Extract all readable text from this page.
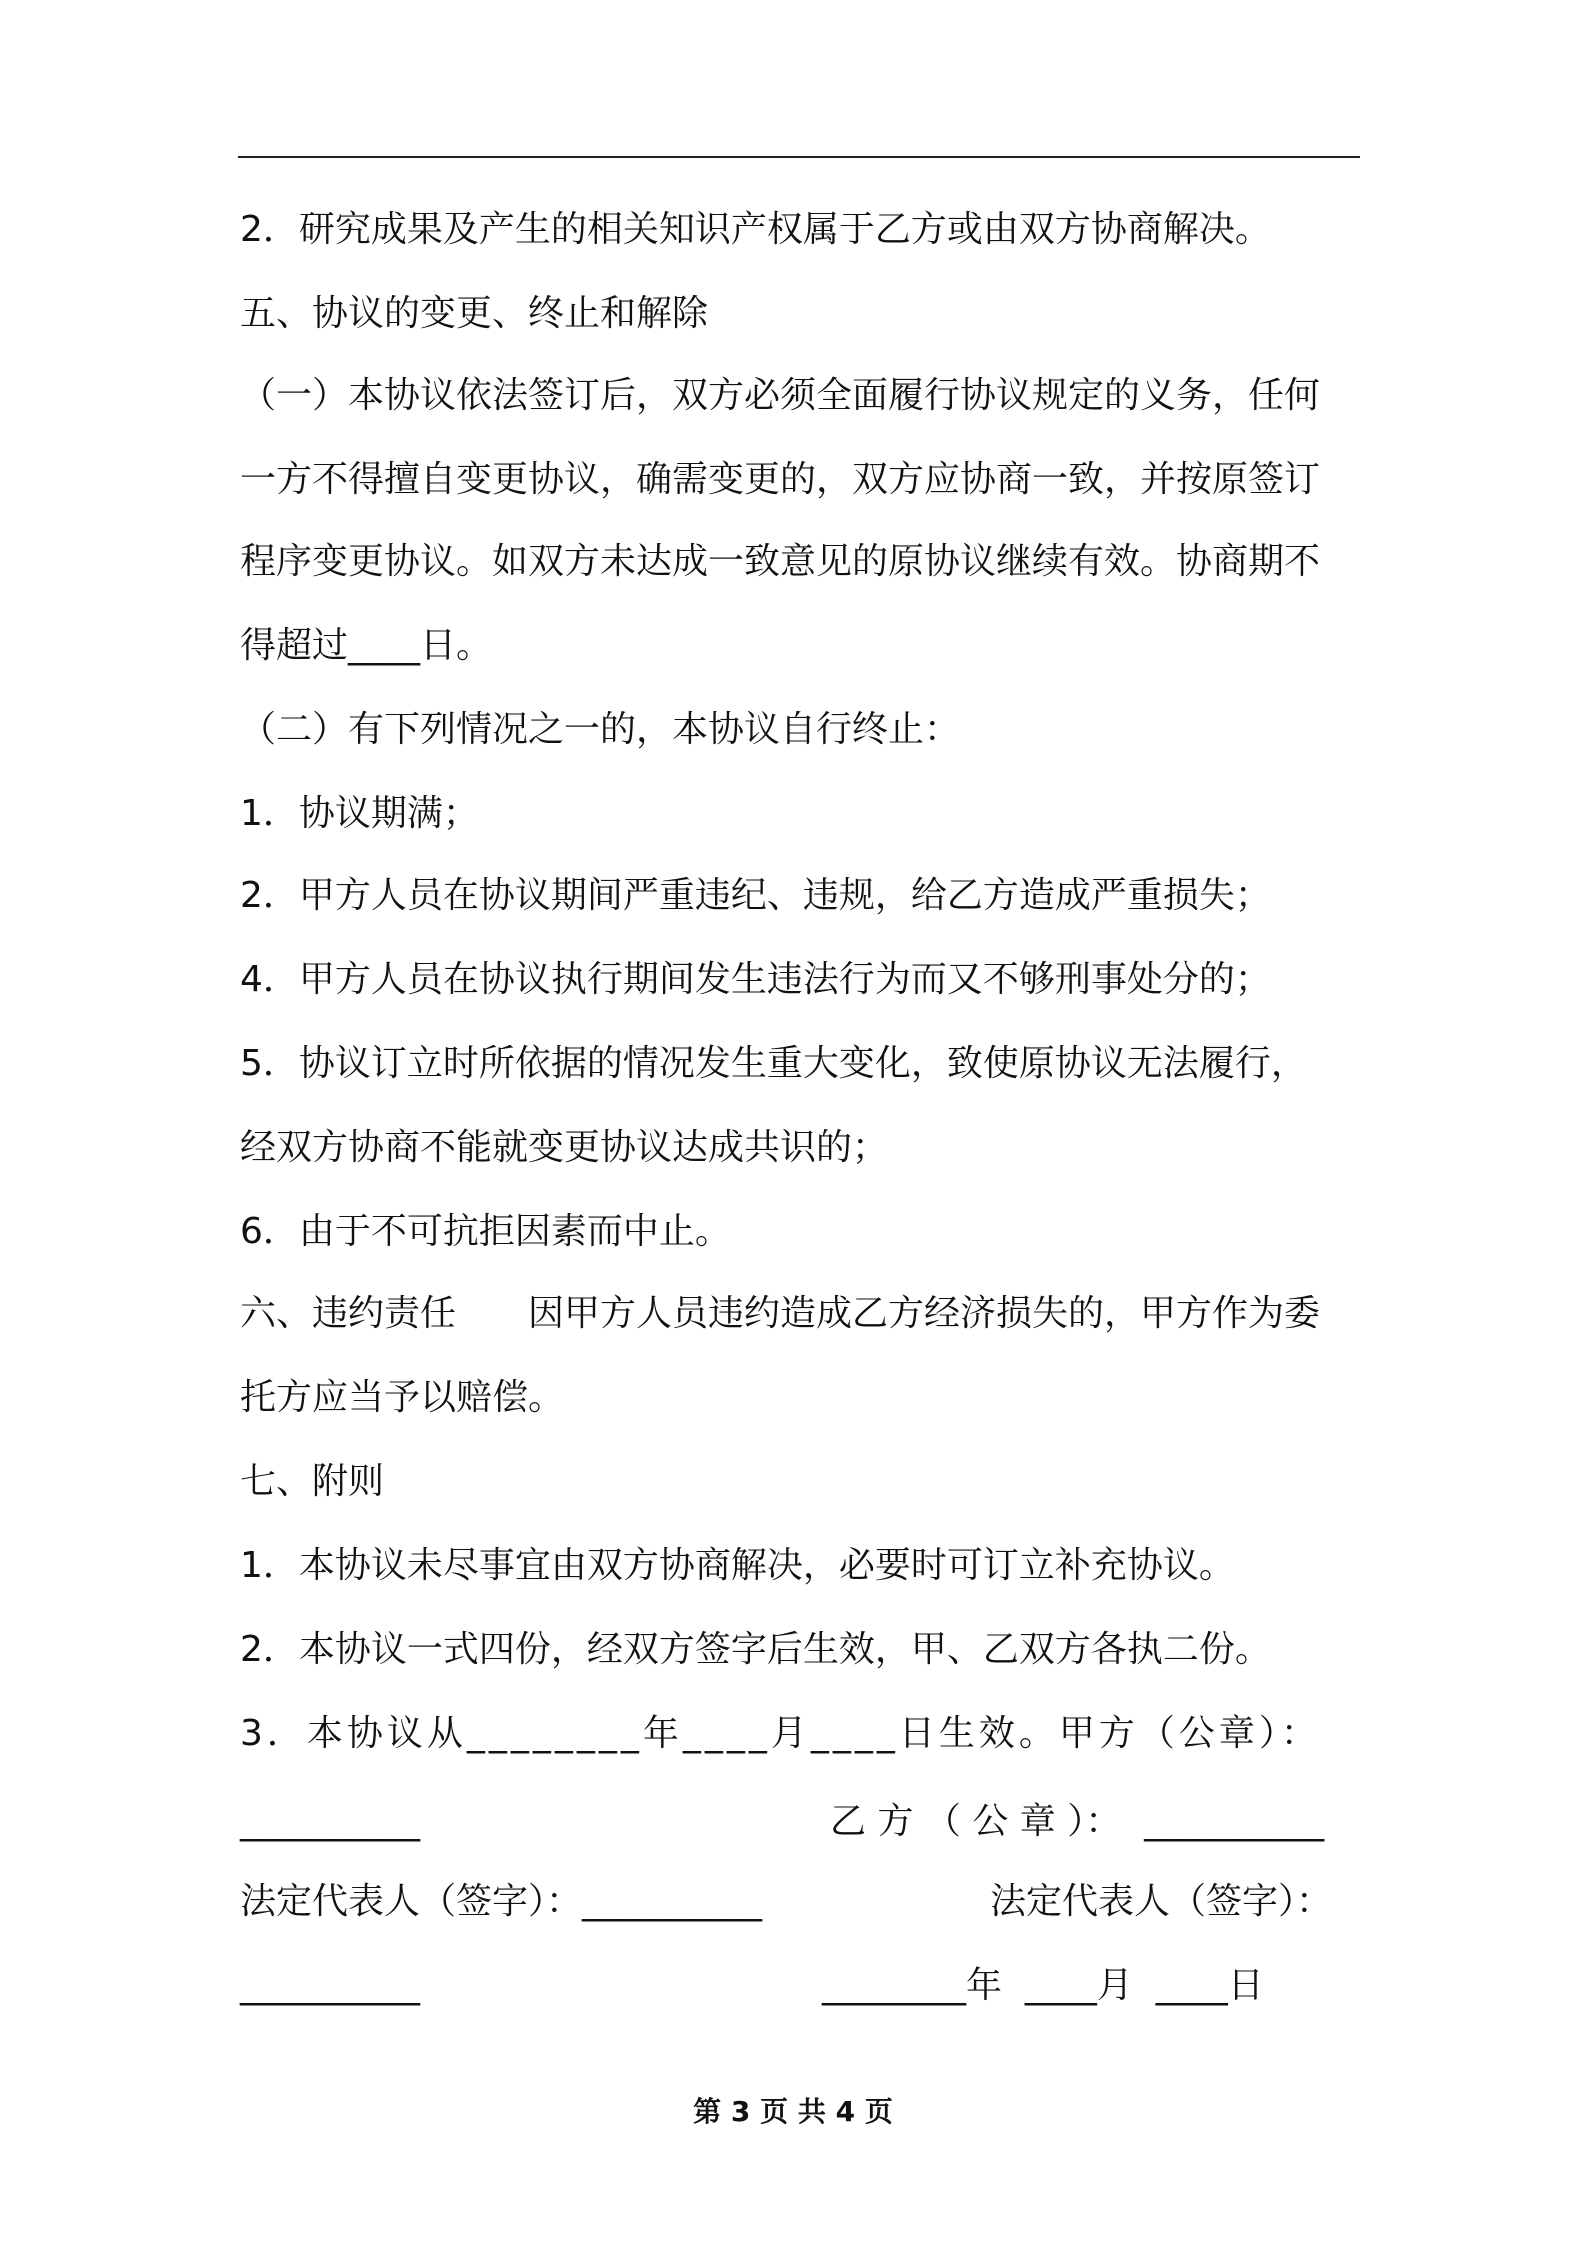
2．研究成果及产生的相关知识产权属于乙方或由双方协商解决。
五、协议的变更、终止和解除
（一）本协议依法签订后，双方必须全面履行协议规定的义务，任何
一方不得擅自变更协议，确需变更的，双方应协商一致，并按原签订
程序变更协议。如双方未达成一致意见的原协议继续有效。协商期不
得超过____日。
（二）有下列情况之一的，本协议自行终止：
1．协议期满；
2．甲方人员在协议期间严重违纪、违规，给乙方造成严重损失；
4．甲方人员在协议执行期间发生违法行为而又不够刑事处分的；
5．协议订立时所依据的情况发生重大变化，致使原协议无法履行，
经双方协商不能就变更协议达成共识的；
6．由于不可抗拒因素而中止。
六、违约责任　　因甲方人员违约造成乙方经济损失的，甲方作为委
托方应当予以赔偿。
七、附则
1．本协议未尽事宜由双方协商解决，必要时可订立补充协议。
2．本协议一式四份，经双方签字后生效，甲、乙双方各执二份。
3．本协议从________年____月____日生效。甲方（公章）：
__________	乙 方 （ 公 章 ）：  __________
法定代表人（签字）：__________	法定代表人（签字）：
__________	________年  ____月  ____日
第 3 页 共 4 页
